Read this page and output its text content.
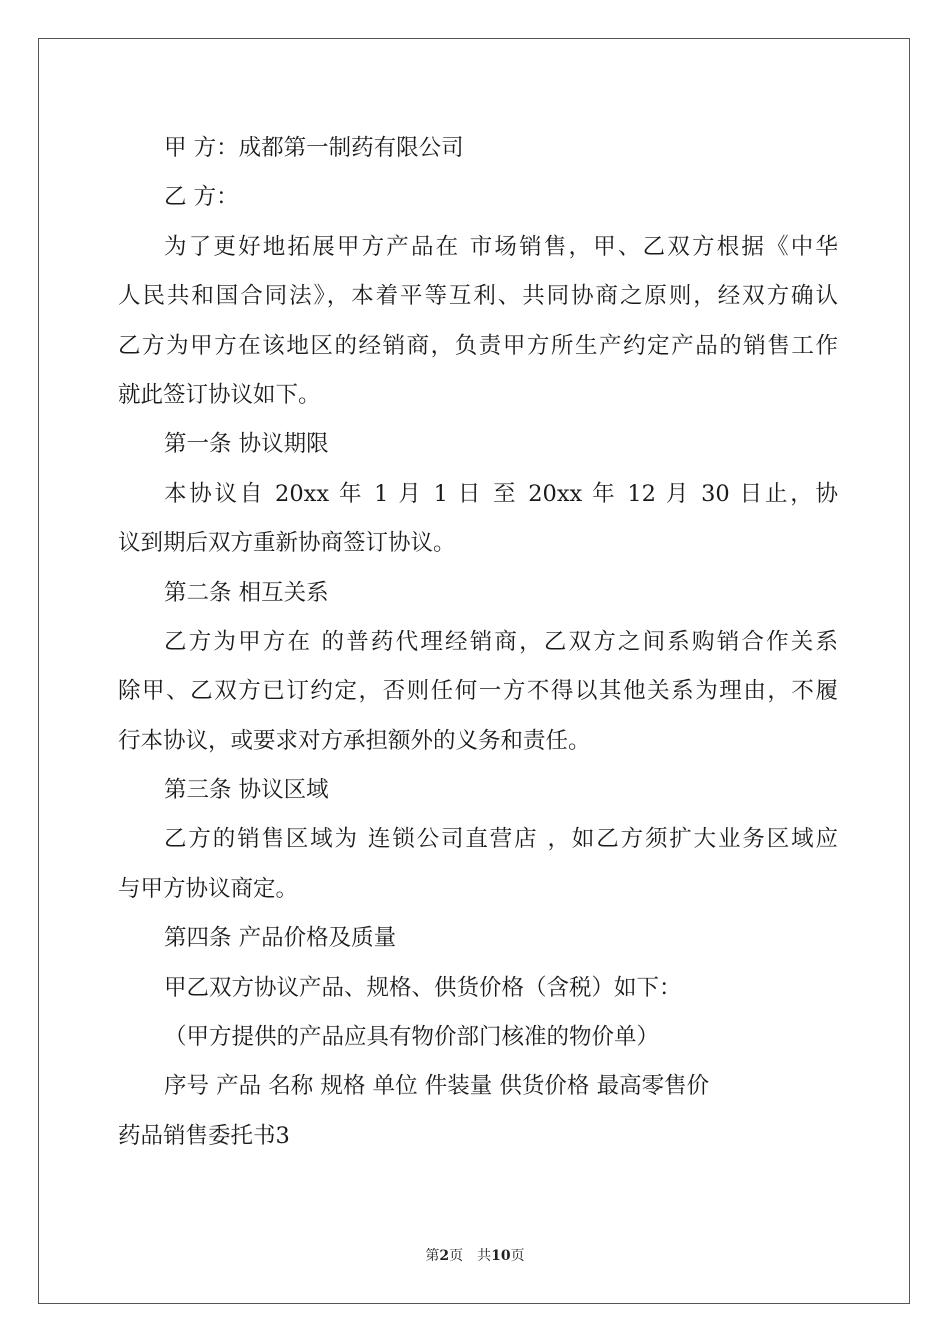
甲 方：成都第一制药有限公司
乙 方：
为了更好地拓展甲方产品在 市场销售，甲、乙双方根据《中华
人民共和国合同法》，本着平等互利、共同协商之原则，经双方确认
乙方为甲方在该地区的经销商，负责甲方所生产约定产品的销售工作
就此签订协议如下。
第一条 协议期限
本协议自 20xx 年 1 月 1 日 至 20xx 年 12 月 30 日止，协
议到期后双方重新协商签订协议。
第二条 相互关系
乙方为甲方在 的普药代理经销商，乙双方之间系购销合作关系
除甲、乙双方已订约定，否则任何一方不得以其他关系为理由，不履
行本协议，或要求对方承担额外的义务和责任。
第三条 协议区域
乙方的销售区域为 连锁公司直营店 ，如乙方须扩大业务区域应
与甲方协议商定。
第四条 产品价格及质量
甲乙双方协议产品、规格、供货价格（含税）如下：
（甲方提供的产品应具有物价部门核准的物价单）
序号 产品 名称 规格 单位 件装量 供货价格 最高零售价
药品销售委托书3
第2页 共10页
